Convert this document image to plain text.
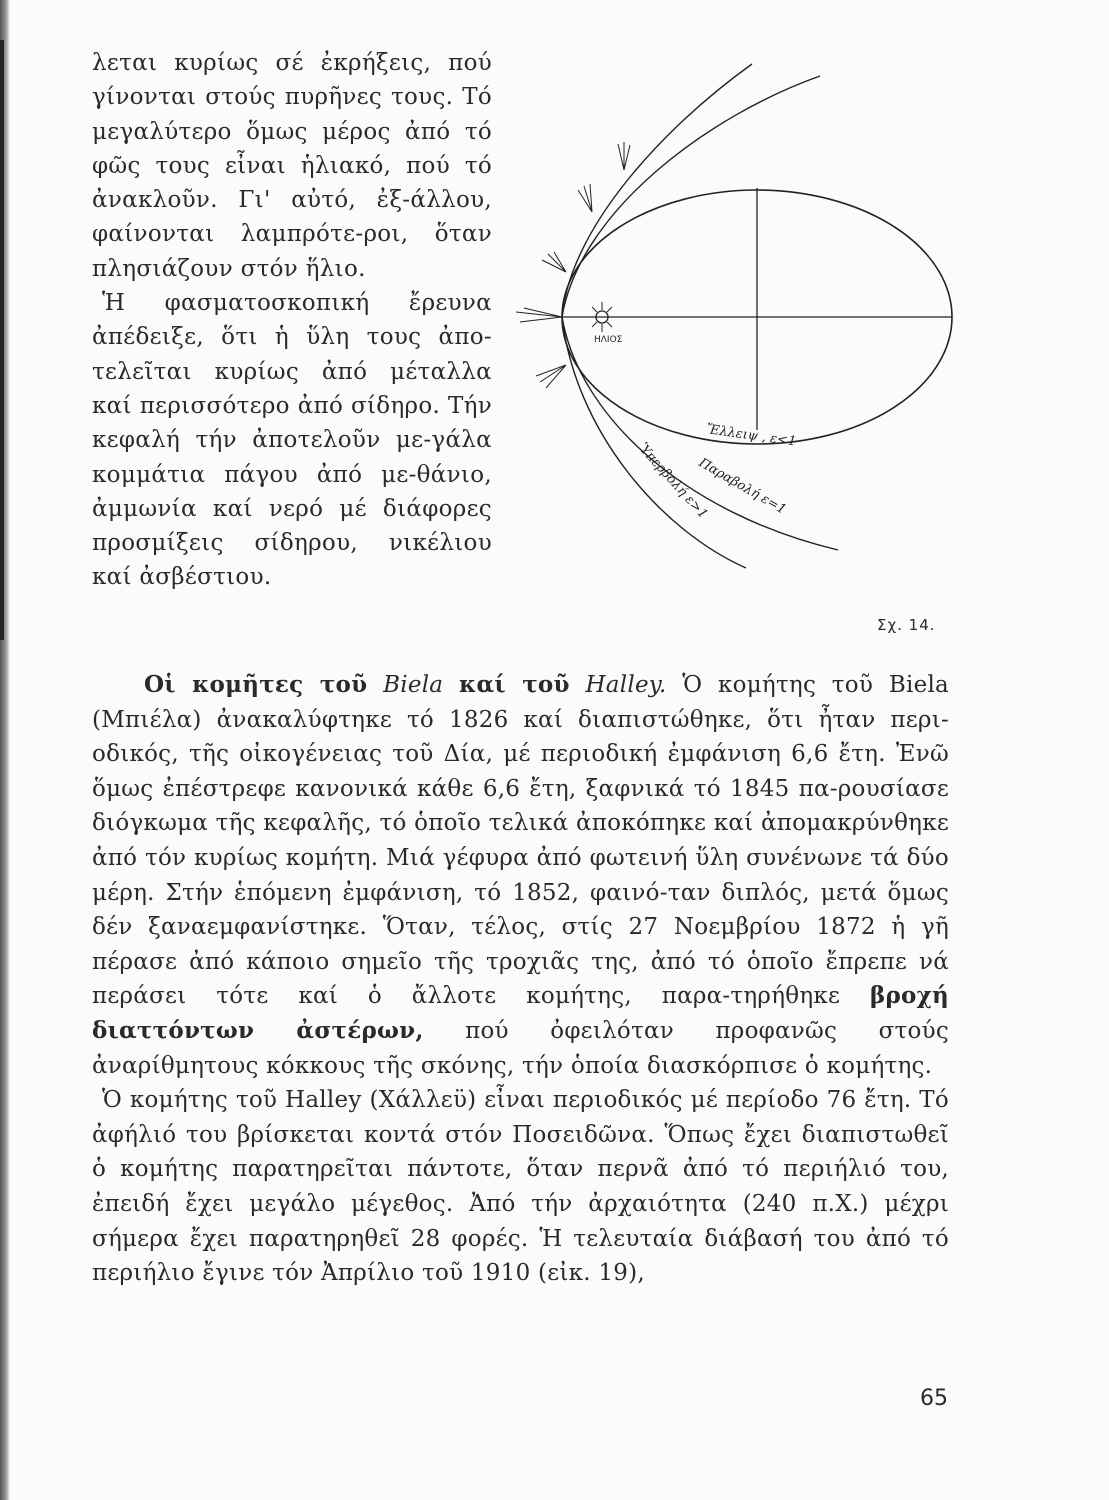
λεται κυρίως σέ ἐκρήξεις, πού γίνονται στούς πυρῆνες τους. Τό μεγαλύτερο ὅμως μέρος ἀπό τό φῶς τους εἶναι ἡλιακό, πού τό ἀνακλοῦν. Γι' αὐτό, ἐξ-άλλου, φαίνονται λαμπρότε-ροι, ὅταν πλησιάζουν στόν ἥλιο.

Ἡ φασματοσκοπική ἔρευνα ἀπέδειξε, ὅτι ἡ ὕλη τους ἀπο-τελεῖται κυρίως ἀπό μέταλλα καί περισσότερο ἀπό σίδηρο. Τήν κεφαλή τήν ἀποτελοῦν με-γάλα κομμάτια πάγου ἀπό με-θάνιο, ἀμμωνία καί νερό μέ διάφορες προσμίξεις σίδηρου, νικέλιου καί ἀσβέστιου.

ΗΛΙΟΣ
Ἔλλειψ , ε<1
Παραβολή ε=1
Ὑπερβολή ε>1
Σχ. 14.

Οἱ κομῆτες τοῦ Biela καί τοῦ Halley. Ὁ κομήτης τοῦ Biela (Μπιέλα) ἀνακαλύφτηκε τό 1826 καί διαπιστώθηκε, ὅτι ἦταν περι-οδικός, τῆς οἰκογένειας τοῦ Δία, μέ περιοδική ἐμφάνιση 6,6 ἔτη. Ἐνῶ ὅμως ἐπέστρεφε κανονικά κάθε 6,6 ἔτη, ξαφνικά τό 1845 πα-ρουσίασε διόγκωμα τῆς κεφαλῆς, τό ὁποῖο τελικά ἀποκόπηκε καί ἀπομακρύνθηκε ἀπό τόν κυρίως κομήτη. Μιά γέφυρα ἀπό φωτεινή ὕλη συνένωνε τά δύο μέρη. Στήν ἑπόμενη ἐμφάνιση, τό 1852, φαινό-ταν διπλός, μετά ὅμως δέν ξαναεμφανίστηκε. Ὅταν, τέλος, στίς 27 Νοεμβρίου 1872 ἡ γῆ πέρασε ἀπό κάποιο σημεῖο τῆς τροχιᾶς της, ἀπό τό ὁποῖο ἔπρεπε νά περάσει τότε καί ὁ ἄλλοτε κομήτης, παρα-τηρήθηκε βροχή διαττόντων ἀστέρων, πού ὀφειλόταν προφανῶς στούς ἀναρίθμητους κόκκους τῆς σκόνης, τήν ὁποία διασκόρπισε ὁ κομήτης.

Ὁ κομήτης τοῦ Halley (Χάλλεϋ) εἶναι περιοδικός μέ περίοδο 76 ἔτη. Τό ἀφήλιό του βρίσκεται κοντά στόν Ποσειδῶνα. Ὅπως ἔχει διαπιστωθεῖ ὁ κομήτης παρατηρεῖται πάντοτε, ὅταν περνᾶ ἀπό τό περιήλιό του, ἐπειδή ἔχει μεγάλο μέγεθος. Ἀπό τήν ἀρχαιότητα (240 π.Χ.) μέχρι σήμερα ἔχει παρατηρηθεῖ 28 φορές. Ἡ τελευταία διάβασή του ἀπό τό περιήλιο ἔγινε τόν Ἀπρίλιο τοῦ 1910 (εἰκ. 19),

65
